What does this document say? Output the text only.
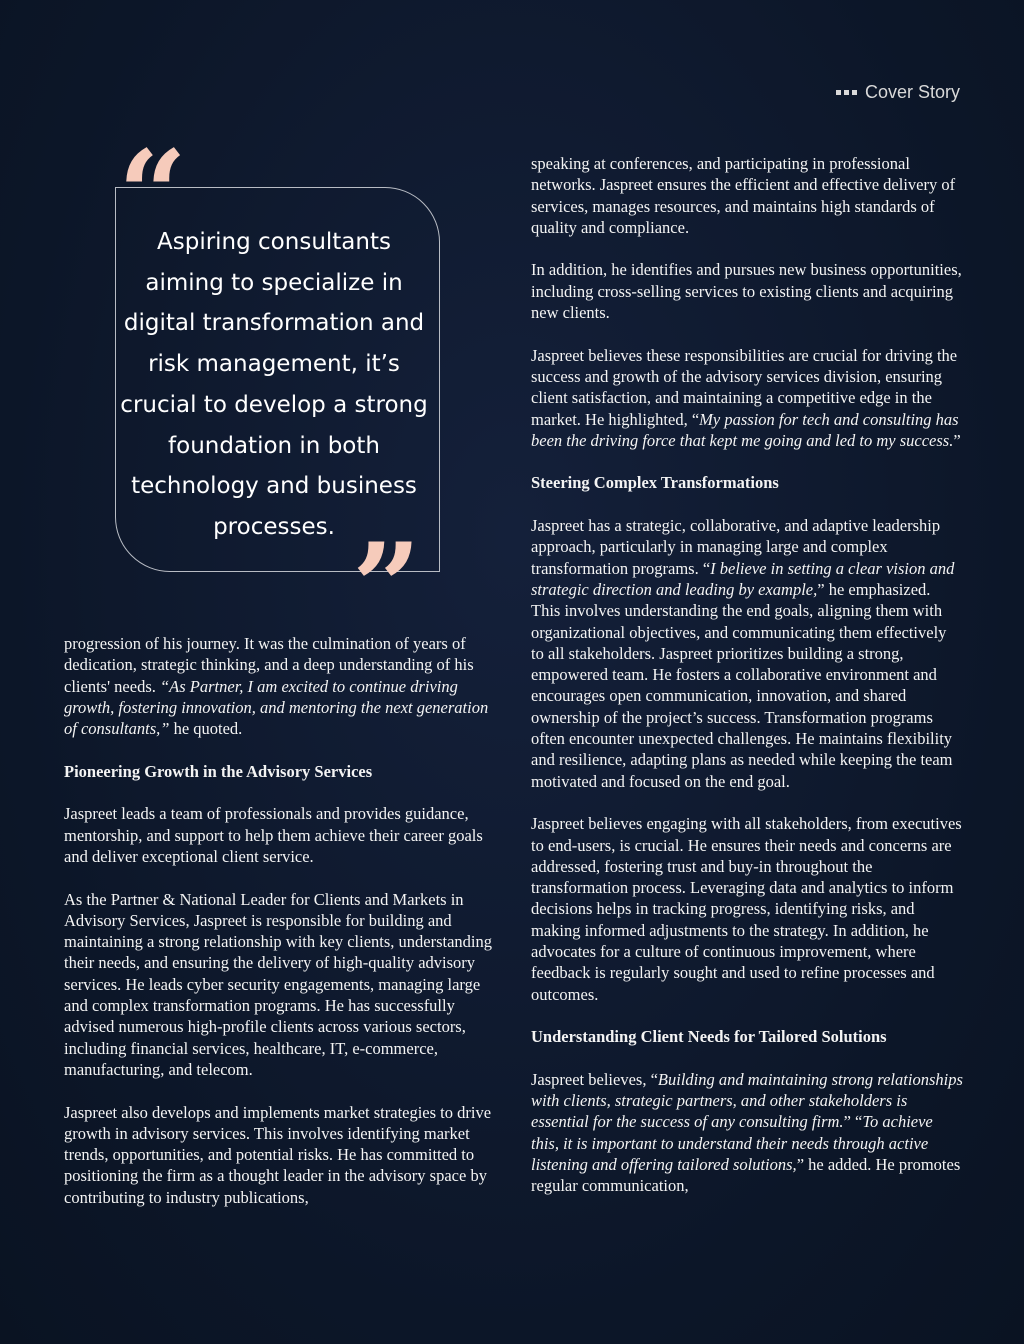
Cover Story
“

Aspiring consultants aiming to specialize in digital transformation and risk management, it’s crucial to develop a strong foundation in both technology and business processes. ”

progression of his journey. It was the culmination of years of dedication, strategic thinking, and a deep understanding of his clients' needs. “As Partner, I am excited to continue driving growth, fostering innovation, and mentoring the next generation of consultants,” he quoted.

Pioneering Growth in the Advisory Services

Jaspreet leads a team of professionals and provides guidance, mentorship, and support to help them achieve their career goals and deliver exceptional client service.

As the Partner & National Leader for Clients and Markets in Advisory Services, Jaspreet is responsible for building and maintaining a strong relationship with key clients, understanding their needs, and ensuring the delivery of high-quality advisory services. He leads cyber security engagements, managing large and complex transformation programs. He has successfully advised numerous high-profile clients across various sectors, including financial services, healthcare, IT, e-commerce, manufacturing, and telecom.

Jaspreet also develops and implements market strategies to drive growth in advisory services. This involves identifying market trends, opportunities, and potential risks. He has committed to positioning the firm as a thought leader in the advisory space by contributing to industry publications,

speaking at conferences, and participating in professional networks. Jaspreet ensures the efficient and effective delivery of services, manages resources, and maintains high standards of quality and compliance.

In addition, he identifies and pursues new business opportunities, including cross-selling services to existing clients and acquiring new clients.

Jaspreet believes these responsibilities are crucial for driving the success and growth of the advisory services division, ensuring client satisfaction, and maintaining a competitive edge in the market. He highlighted, “My passion for tech and consulting has been the driving force that kept me going and led to my success.”

Steering Complex Transformations

Jaspreet has a strategic, collaborative, and adaptive leadership approach, particularly in managing large and complex transformation programs. “I believe in setting a clear vision and strategic direction and leading by example,” he emphasized. This involves understanding the end goals, aligning them with organizational objectives, and communicating them effectively to all stakeholders. Jaspreet prioritizes building a strong, empowered team. He fosters a collaborative environment and encourages open communication, innovation, and shared ownership of the project’s success. Transformation programs often encounter unexpected challenges. He maintains flexibility and resilience, adapting plans as needed while keeping the team motivated and focused on the end goal.

Jaspreet believes engaging with all stakeholders, from executives to end-users, is crucial. He ensures their needs and concerns are addressed, fostering trust and buy-in throughout the transformation process. Leveraging data and analytics to inform decisions helps in tracking progress, identifying risks, and making informed adjustments to the strategy. In addition, he advocates for a culture of continuous improvement, where feedback is regularly sought and used to refine processes and outcomes.

Understanding Client Needs for Tailored Solutions

Jaspreet believes, “Building and maintaining strong relationships with clients, strategic partners, and other stakeholders is essential for the success of any consulting firm.” “To achieve this, it is important to understand their needs through active listening and offering tailored solutions,” he added. He promotes regular communication,
